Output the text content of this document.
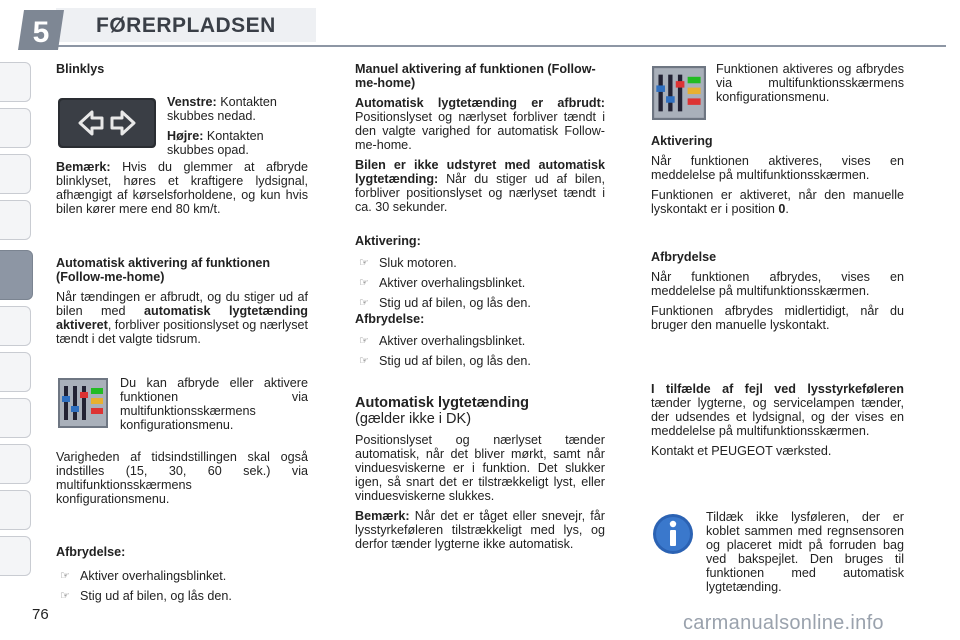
5 FØRERPLADSEN
Blinklys

Venstre: Kontakten skubbes nedad.

Højre: Kontakten skubbes opad.

Bemærk: Hvis du glemmer at afbryde blinklyset, høres et kraftigere lydsignal, afhængigt af kørselsforholdene, og kun hvis bilen kører mere end 80 km/t.

Automatisk aktivering af funktionen (Follow-me-home)

Når tændingen er afbrudt, og du stiger ud af bilen med automatisk lygtetænding aktiveret, forbliver positionslyset og nærlyset tændt i det valgte tidsrum.

Du kan afbryde eller aktivere funktionen via multifunktionsskærmens konfigurationsmenu.

Varigheden af tidsindstillingen skal også indstilles (15, 30, 60 sek.) via multifunktionsskærmens konfigurationsmenu.

Afbrydelse:
☞ Aktiver overhalingsblinket.
☞ Stig ud af bilen, og lås den.
Manuel aktivering af funktionen (Follow-me-home)

Automatisk lygtetænding er afbrudt: Positionslyset og nærlyset forbliver tændt i den valgte varighed for automatisk Follow-me-home.

Bilen er ikke udstyret med automatisk lygtetænding: Når du stiger ud af bilen, forbliver positionslyset og nærlyset tændt i ca. 30 sekunder.

Aktivering:
☞ Sluk motoren.
☞ Aktiver overhalingsblinket.
☞ Stig ud af bilen, og lås den.
Afbrydelse:
☞ Aktiver overhalingsblinket.
☞ Stig ud af bilen, og lås den.
Automatisk lygtetænding
(gælder ikke i DK)

Positionslyset og nærlyset tænder automatisk, når det bliver mørkt, samt når vinduesviskerne er i funktion. Det slukker igen, så snart det er tilstrækkeligt lyst, eller vinduesviskerne slukkes.

Bemærk: Når det er tåget eller snevejr, får lysstyrkeføleren tilstrækkeligt med lys, og derfor tænder lygterne ikke automatisk.

Funktionen aktiveres og afbrydes via multifunktionsskærmens konfigurationsmenu.

Aktivering

Når funktionen aktiveres, vises en meddelelse på multifunktionsskærmen.

Funktionen er aktiveret, når den manuelle lyskontakt er i position 0.

Afbrydelse

Når funktionen afbrydes, vises en meddelelse på multifunktionsskærmen.

Funktionen afbrydes midlertidigt, når du bruger den manuelle lyskontakt.

I tilfælde af fejl ved lysstyrkeføleren tænder lygterne, og servicelampen tænder, der udsendes et lydsignal, og der vises en meddelelse på multifunktionsskærmen.

Kontakt et PEUGEOT værksted.

Tildæk ikke lysføleren, der er koblet sammen med regnsensoren og placeret midt på forruden bag ved bakspejlet. Den bruges til funktionen med automatisk lygtetænding.

76	carmanualsonline.info
